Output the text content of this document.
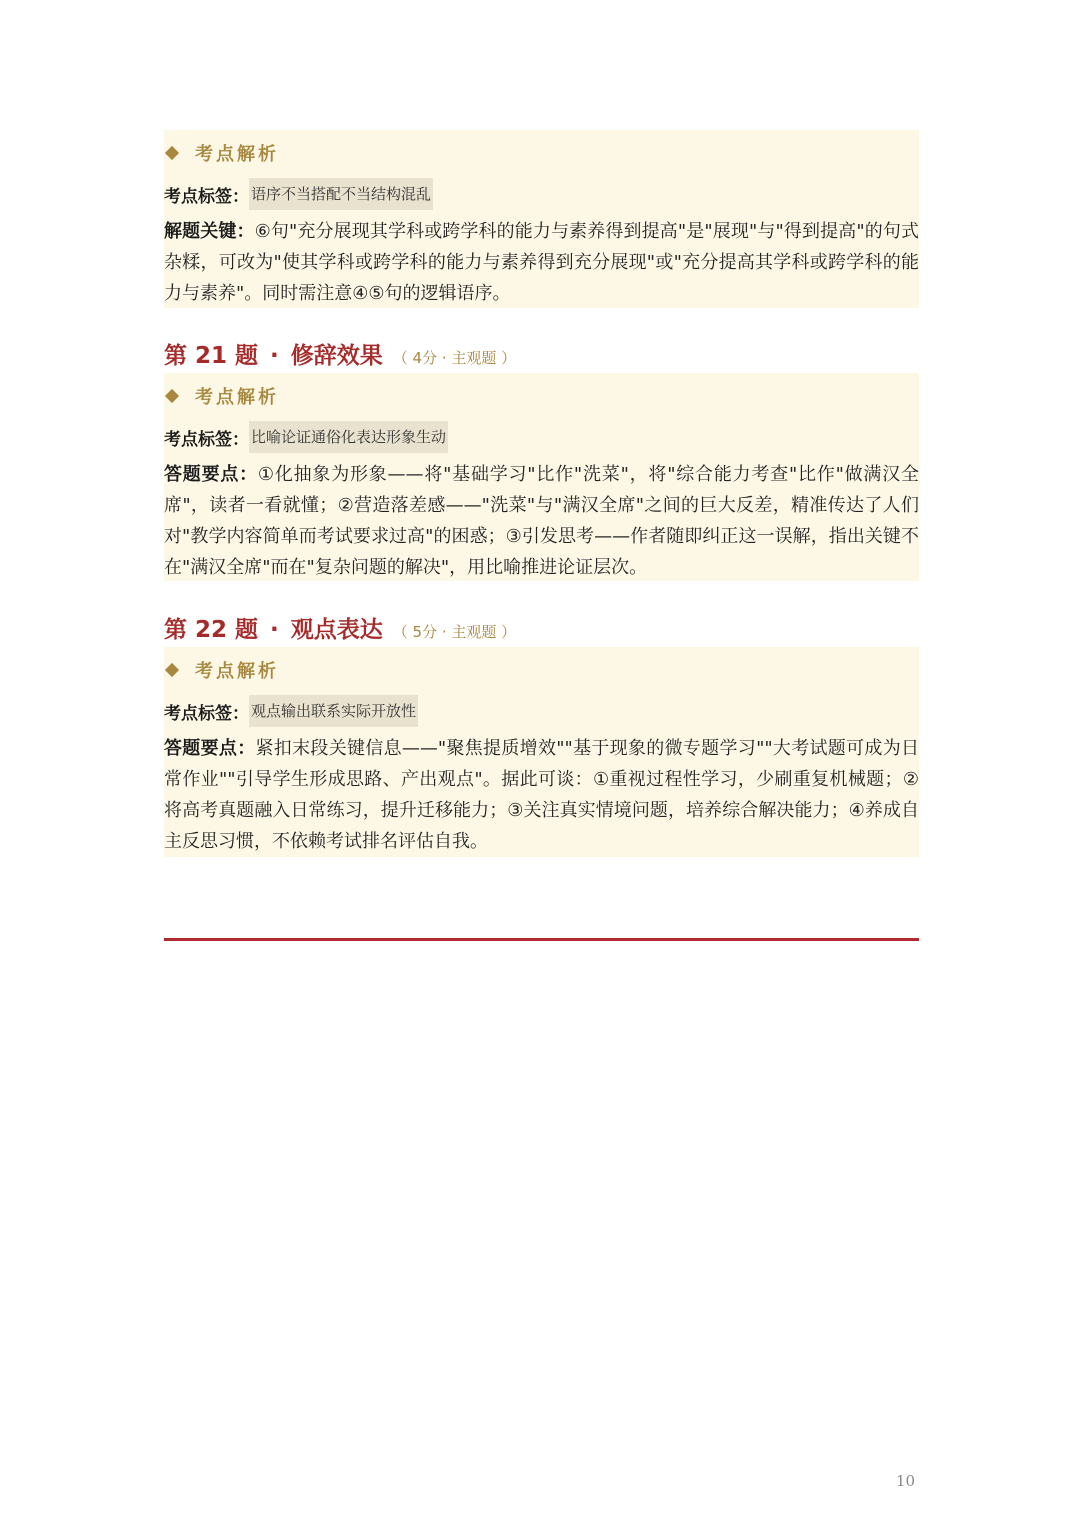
考点解析
考点标签： 语序不当搭配不当结构混乱
解题关键：⑥句"充分展现其学科或跨学科的能力与素养得到提高"是"展现"与"得到提高"的句式杂糅，可改为"使其学科或跨学科的能力与素养得到充分展现"或"充分提高其学科或跨学科的能力与素养"。同时需注意④⑤句的逻辑语序。
第 21 题 · 修辞效果 （ 4分 · 主观题 ）
考点解析
考点标签： 比喻论证通俗化表达形象生动
答题要点：①化抽象为形象——将"基础学习"比作"洗菜"，将"综合能力考查"比作"做满汉全席"，读者一看就懂；②营造落差感——"洗菜"与"满汉全席"之间的巨大反差，精准传达了人们对"教学内容简单而考试要求过高"的困惑；③引发思考——作者随即纠正这一误解，指出关键不在"满汉全席"而在"复杂问题的解决"，用比喻推进论证层次。
第 22 题 · 观点表达 （ 5分 · 主观题 ）
考点解析
考点标签： 观点输出联系实际开放性
答题要点：紧扣末段关键信息——"聚焦提质增效""基于现象的微专题学习""大考试题可成为日常作业""引导学生形成思路、产出观点"。据此可谈：①重视过程性学习，少刷重复机械题；②将高考真题融入日常练习，提升迁移能力；③关注真实情境问题，培养综合解决能力；④养成自主反思习惯，不依赖考试排名评估自我。
10
